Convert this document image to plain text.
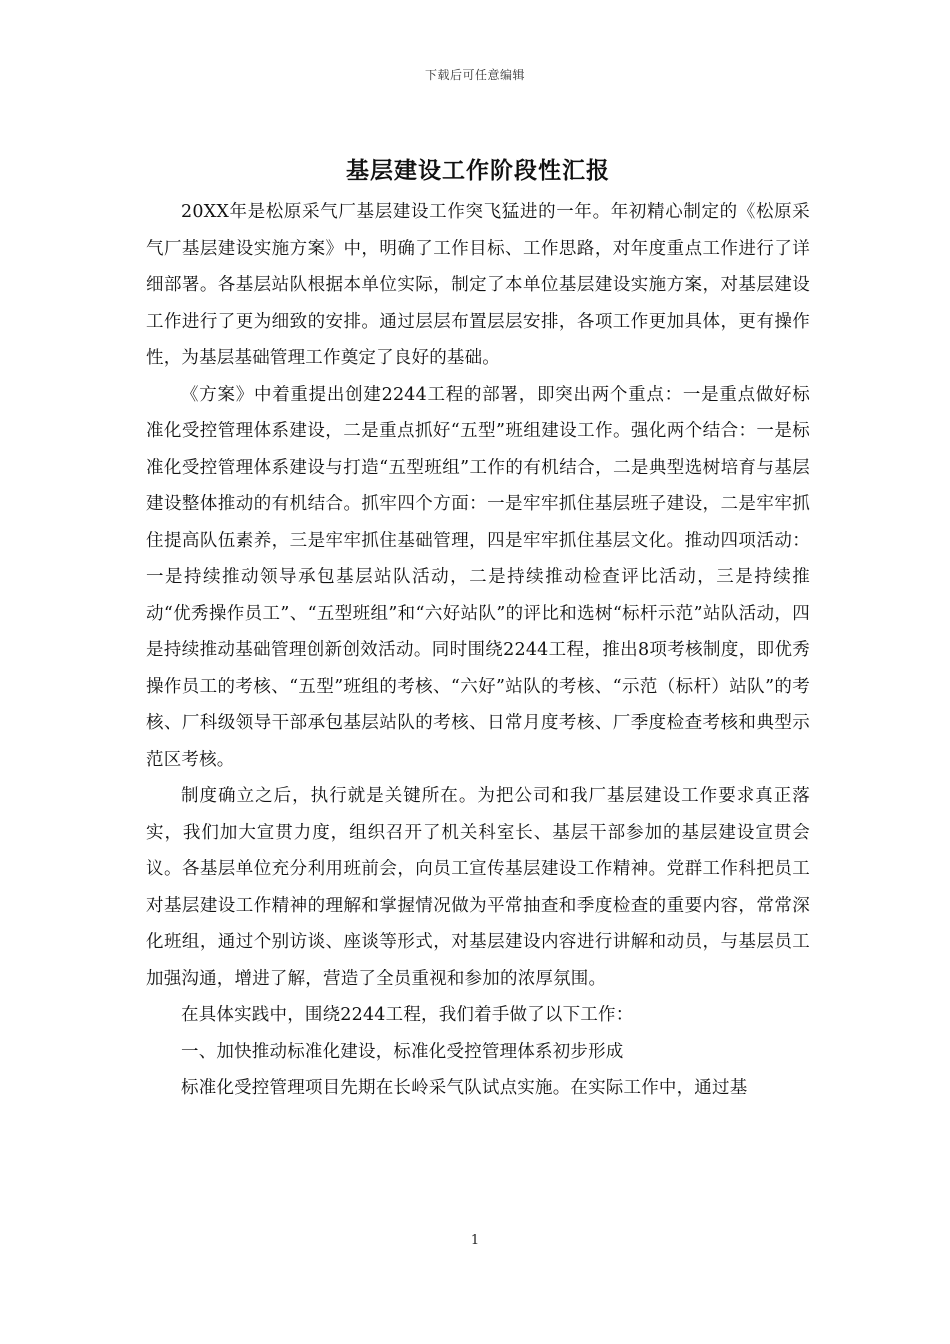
下载后可任意编辑
基层建设工作阶段性汇报

20XX年是松原采气厂基层建设工作突飞猛进的一年。年初精心制定的《松原采气厂基层建设实施方案》中，明确了工作目标、工作思路，对年度重点工作进行了详细部署。各基层站队根据本单位实际，制定了本单位基层建设实施方案，对基层建设工作进行了更为细致的安排。通过层层布置层层安排，各项工作更加具体，更有操作性，为基层基础管理工作奠定了良好的基础。

《方案》中着重提出创建2244工程的部署，即突出两个重点：一是重点做好标准化受控管理体系建设，二是重点抓好“五型”班组建设工作。强化两个结合：一是标准化受控管理体系建设与打造“五型班组”工作的有机结合，二是典型选树培育与基层建设整体推动的有机结合。抓牢四个方面：一是牢牢抓住基层班子建设，二是牢牢抓住提高队伍素养，三是牢牢抓住基础管理，四是牢牢抓住基层文化。推动四项活动：一是持续推动领导承包基层站队活动，二是持续推动检查评比活动，三是持续推动“优秀操作员工”、“五型班组”和“六好站队”的评比和选树“标杆示范”站队活动，四是持续推动基础管理创新创效活动。同时围绕2244工程，推出8项考核制度，即优秀操作员工的考核、“五型”班组的考核、“六好”站队的考核、“示范（标杆）站队”的考核、厂科级领导干部承包基层站队的考核、日常月度考核、厂季度检查考核和典型示范区考核。

制度确立之后，执行就是关键所在。为把公司和我厂基层建设工作要求真正落实，我们加大宣贯力度，组织召开了机关科室长、基层干部参加的基层建设宣贯会议。各基层单位充分利用班前会，向员工宣传基层建设工作精神。党群工作科把员工对基层建设工作精神的理解和掌握情况做为平常抽查和季度检查的重要内容，常常深化班组，通过个别访谈、座谈等形式，对基层建设内容进行讲解和动员，与基层员工加强沟通，增进了解，营造了全员重视和参加的浓厚氛围。

在具体实践中，围绕2244工程，我们着手做了以下工作：

一、加快推动标准化建设，标准化受控管理体系初步形成

标准化受控管理项目先期在长岭采气队试点实施。在实际工作中，通过基

1
